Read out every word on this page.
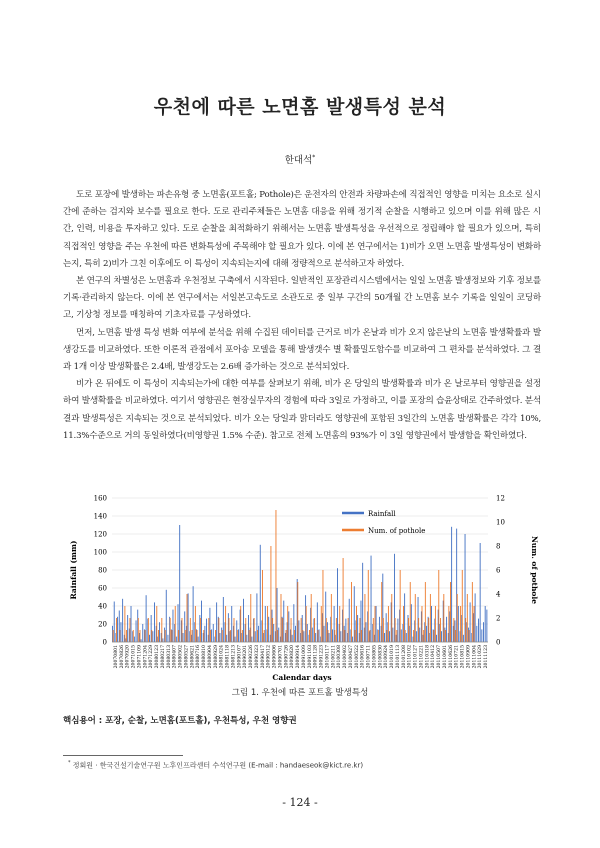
우천에 따른 노면홈 발생특성 분석
한대석*

도로 포장에 발생하는 파손유형 중 노면홈(포트홀; Pothole)은 운전자의 안전과 차량파손에 직접적인 영향을 미치는 요소로 실시간에 준하는 검지와 보수를 필요로 한다. 도로 관리주체들은 노면홈 대응을 위해 정기적 순찰을 시행하고 있으며 이를 위해 많은 시간, 인력, 비용을 투자하고 있다. 도로 순찰을 최적화하기 위해서는 노면홈 발생특성을 우선적으로 정립해야 할 필요가 있으며, 특히 직접적인 영향을 주는 우천에 따른 변화특성에 주목해야 할 필요가 있다. 이에 본 연구에서는 1)비가 오면 노면홈 발생특성이 변화하는지, 특히 2)비가 그친 이후에도 이 특성이 지속되는지에 대해 정량적으로 분석하고자 하였다.

본 연구의 차별성은 노면홈과 우천정보 구축에서 시작된다. 일반적인 포장관리시스템에서는 일일 노면홈 발생정보와 기후 정보를 기록·관리하지 않는다. 이에 본 연구에서는 서일본고속도로 소관도로 중 일부 구간의 50개월 간 노면홈 보수 기록을 일일이 코딩하고, 기상청 정보를 매칭하여 기초자료를 구성하였다.

먼저, 노면홈 발생 특성 변화 여부에 분석을 위해 수집된 데이터를 근거로 비가 온날과 비가 오지 않은날의 노면홈 발생확률과 발생강도를 비교하였다. 또한 이론적 관점에서 포아송 모델을 통해 발생갯수 별 확률밀도함수를 비교하여 그 편차를 분석하였다. 그 결과 1개 이상 발생확률은 2.4배, 발생강도는 2.6배 증가하는 것으로 분석되었다.

비가 온 뒤에도 이 특성이 지속되는가에 대한 여부를 살펴보기 위해, 비가 온 당일의 발생확률과 비가 온 날로부터 영향권을 설정하여 발생확률을 비교하였다. 여기서 영향권은 현장실무자의 경험에 따라 3일로 가정하고, 이를 포장의 습윤상태로 간주하였다. 분석 결과 발생특성은 지속되는 것으로 분석되었다. 비가 오는 당일과 맑더라도 영향권에 포함된 3일간의 노면홈 발생확률은 각각 10%, 11.3%수준으로 거의 동일하였다(비영향권 1.5% 수준). 참고로 전체 노면홈의 93%가 이 3일 영향권에서 발생함을 확인하였다.

0
20
40
60
80
100
120
140
160
0
2
4
6
8
10
12
20070801 20070826 20070920 20071015 20071109 20071204 20071229 20080123 20080217 20080313 20080407 20080502 20080527 20080621 20080716 20080810 20080904 20080929 20081024 20081118 20081213 20090107 20090201 20090226 20090323 20090417 20090512 20090606 20090701 20090726 20090820 20090914 20091009 20091103 20091128 20091223 20100117 20100211 20100308 20100402 20100427 20100522 20100616 20100711 20100805 20100830 20100924 20101019 20101113 20101208 20110102 20110127 20110221 20110318 20110412 20110507 20110601 20110626 20110721 20110815 20110909 20111004 20111029 20111123
Rainfall (mm)	Num. of pothole
Calendar days
Rainfall
Num. of pothole
그림 1. 우천에 따른 포트홀 발생특성
핵심용어 : 포장, 순찰, 노면홈(포트홀), 우천특성, 우천 영향권
* 정회원 · 한국건설기술연구원 노후인프라센터 수석연구원 (E-mail : handaeseok@kict.re.kr)
- 124 -
